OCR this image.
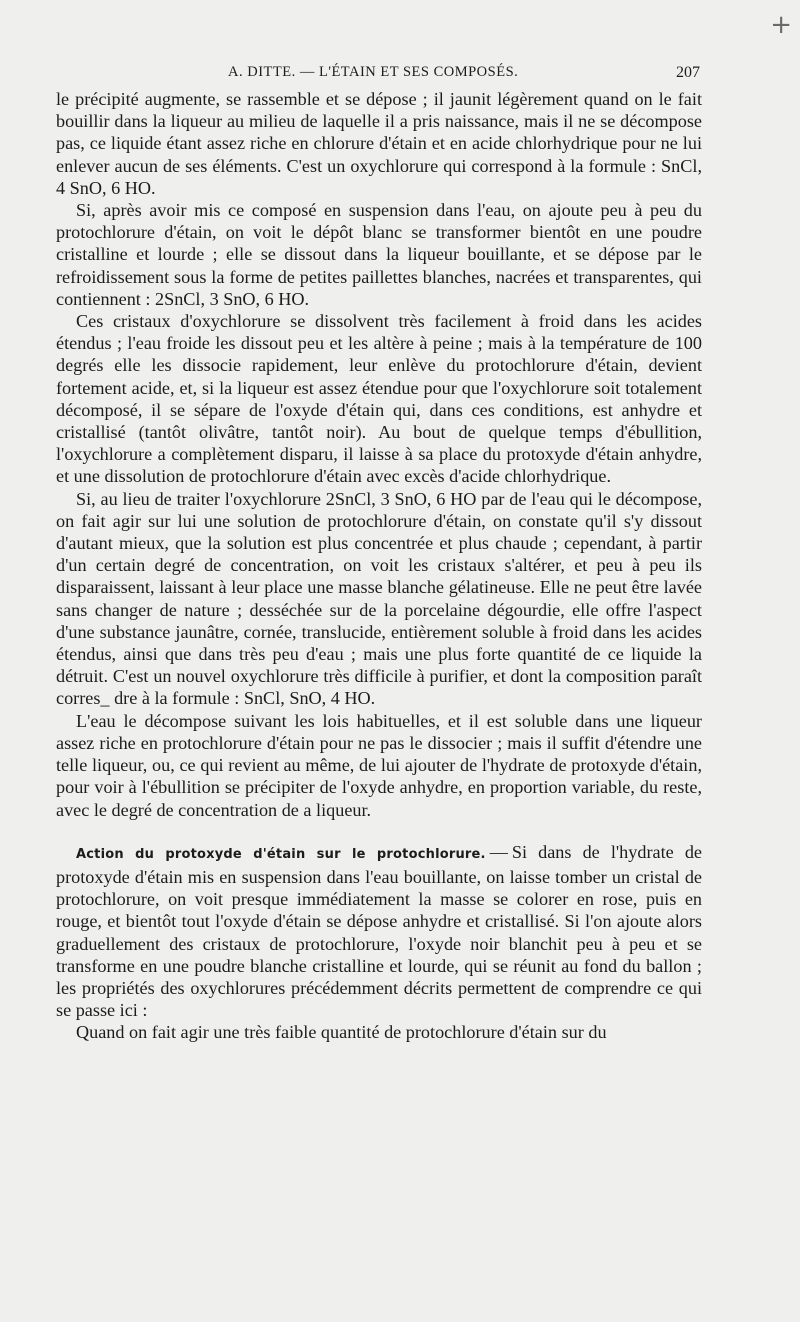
+
A. DITTE. — L'ÉTAIN ET SES COMPOSÉS.	207

le précipité augmente, se rassemble et se dépose ; il jaunit légèrement quand on le fait bouillir dans la liqueur au milieu de laquelle il a pris naissance, mais il ne se décompose pas, ce liquide étant assez riche en chlorure d'étain et en acide chlorhydrique pour ne lui enlever aucun de ses éléments. C'est un oxychlorure qui correspond à la formule : SnCl, 4 SnO, 6 HO.

Si, après avoir mis ce composé en suspension dans l'eau, on ajoute peu à peu du protochlorure d'étain, on voit le dépôt blanc se transformer bientôt en une poudre cristalline et lourde ; elle se dissout dans la liqueur bouillante, et se dépose par le refroidissement sous la forme de petites paillettes blanches, nacrées et transparentes, qui contiennent : 2SnCl, 3 SnO, 6 HO.

Ces cristaux d'oxychlorure se dissolvent très facilement à froid dans les acides étendus ; l'eau froide les dissout peu et les altère à peine ; mais à la température de 100 degrés elle les dissocie rapidement, leur enlève du protochlorure d'étain, devient fortement acide, et, si la liqueur est assez étendue pour que l'oxychlorure soit totalement décomposé, il se sépare de l'oxyde d'étain qui, dans ces conditions, est anhydre et cristallisé (tantôt olivâtre, tantôt noir). Au bout de quelque temps d'ébullition, l'oxychlorure a complètement disparu, il laisse à sa place du protoxyde d'étain anhydre, et une dissolution de protochlorure d'étain avec excès d'acide chlorhydrique.

Si, au lieu de traiter l'oxychlorure 2SnCl, 3 SnO, 6 HO par de l'eau qui le décompose, on fait agir sur lui une solution de protochlorure d'étain, on constate qu'il s'y dissout d'autant mieux, que la solution est plus concentrée et plus chaude ; cependant, à partir d'un certain degré de concentration, on voit les cristaux s'altérer, et peu à peu ils disparaissent, laissant à leur place une masse blanche gélatineuse. Elle ne peut être lavée sans changer de nature ; desséchée sur de la porcelaine dégourdie, elle offre l'aspect d'une substance jaunâtre, cornée, translucide, entièrement soluble à froid dans les acides étendus, ainsi que dans très peu d'eau ; mais une plus forte quantité de ce liquide la détruit. C'est un nouvel oxychlorure très difficile à purifier, et dont la composition paraît corres_ dre à la formule : SnCl, SnO, 4 HO.

L'eau le décompose suivant les lois habituelles, et il est soluble dans une liqueur assez riche en protochlorure d'étain pour ne pas le dissocier ; mais il suffit d'étendre une telle liqueur, ou, ce qui revient au même, de lui ajouter de l'hydrate de protoxyde d'étain, pour voir à l'ébullition se précipiter de l'oxyde anhydre, en proportion variable, du reste, avec le degré de concentration de a liqueur.

Action du protoxyde d'étain sur le protochlorure. — Si dans de l'hydrate de protoxyde d'étain mis en suspension dans l'eau bouillante, on laisse tomber un cristal de protochlorure, on voit presque immédiatement la masse se colorer en rose, puis en rouge, et bientôt tout l'oxyde d'étain se dépose anhydre et cristallisé. Si l'on ajoute alors graduellement des cristaux de protochlorure, l'oxyde noir blanchit peu à peu et se transforme en une poudre blanche cristalline et lourde, qui se réunit au fond du ballon ; les propriétés des oxychlorures précédemment décrits permettent de comprendre ce qui se passe ici :

Quand on fait agir une très faible quantité de protochlorure d'étain sur du
